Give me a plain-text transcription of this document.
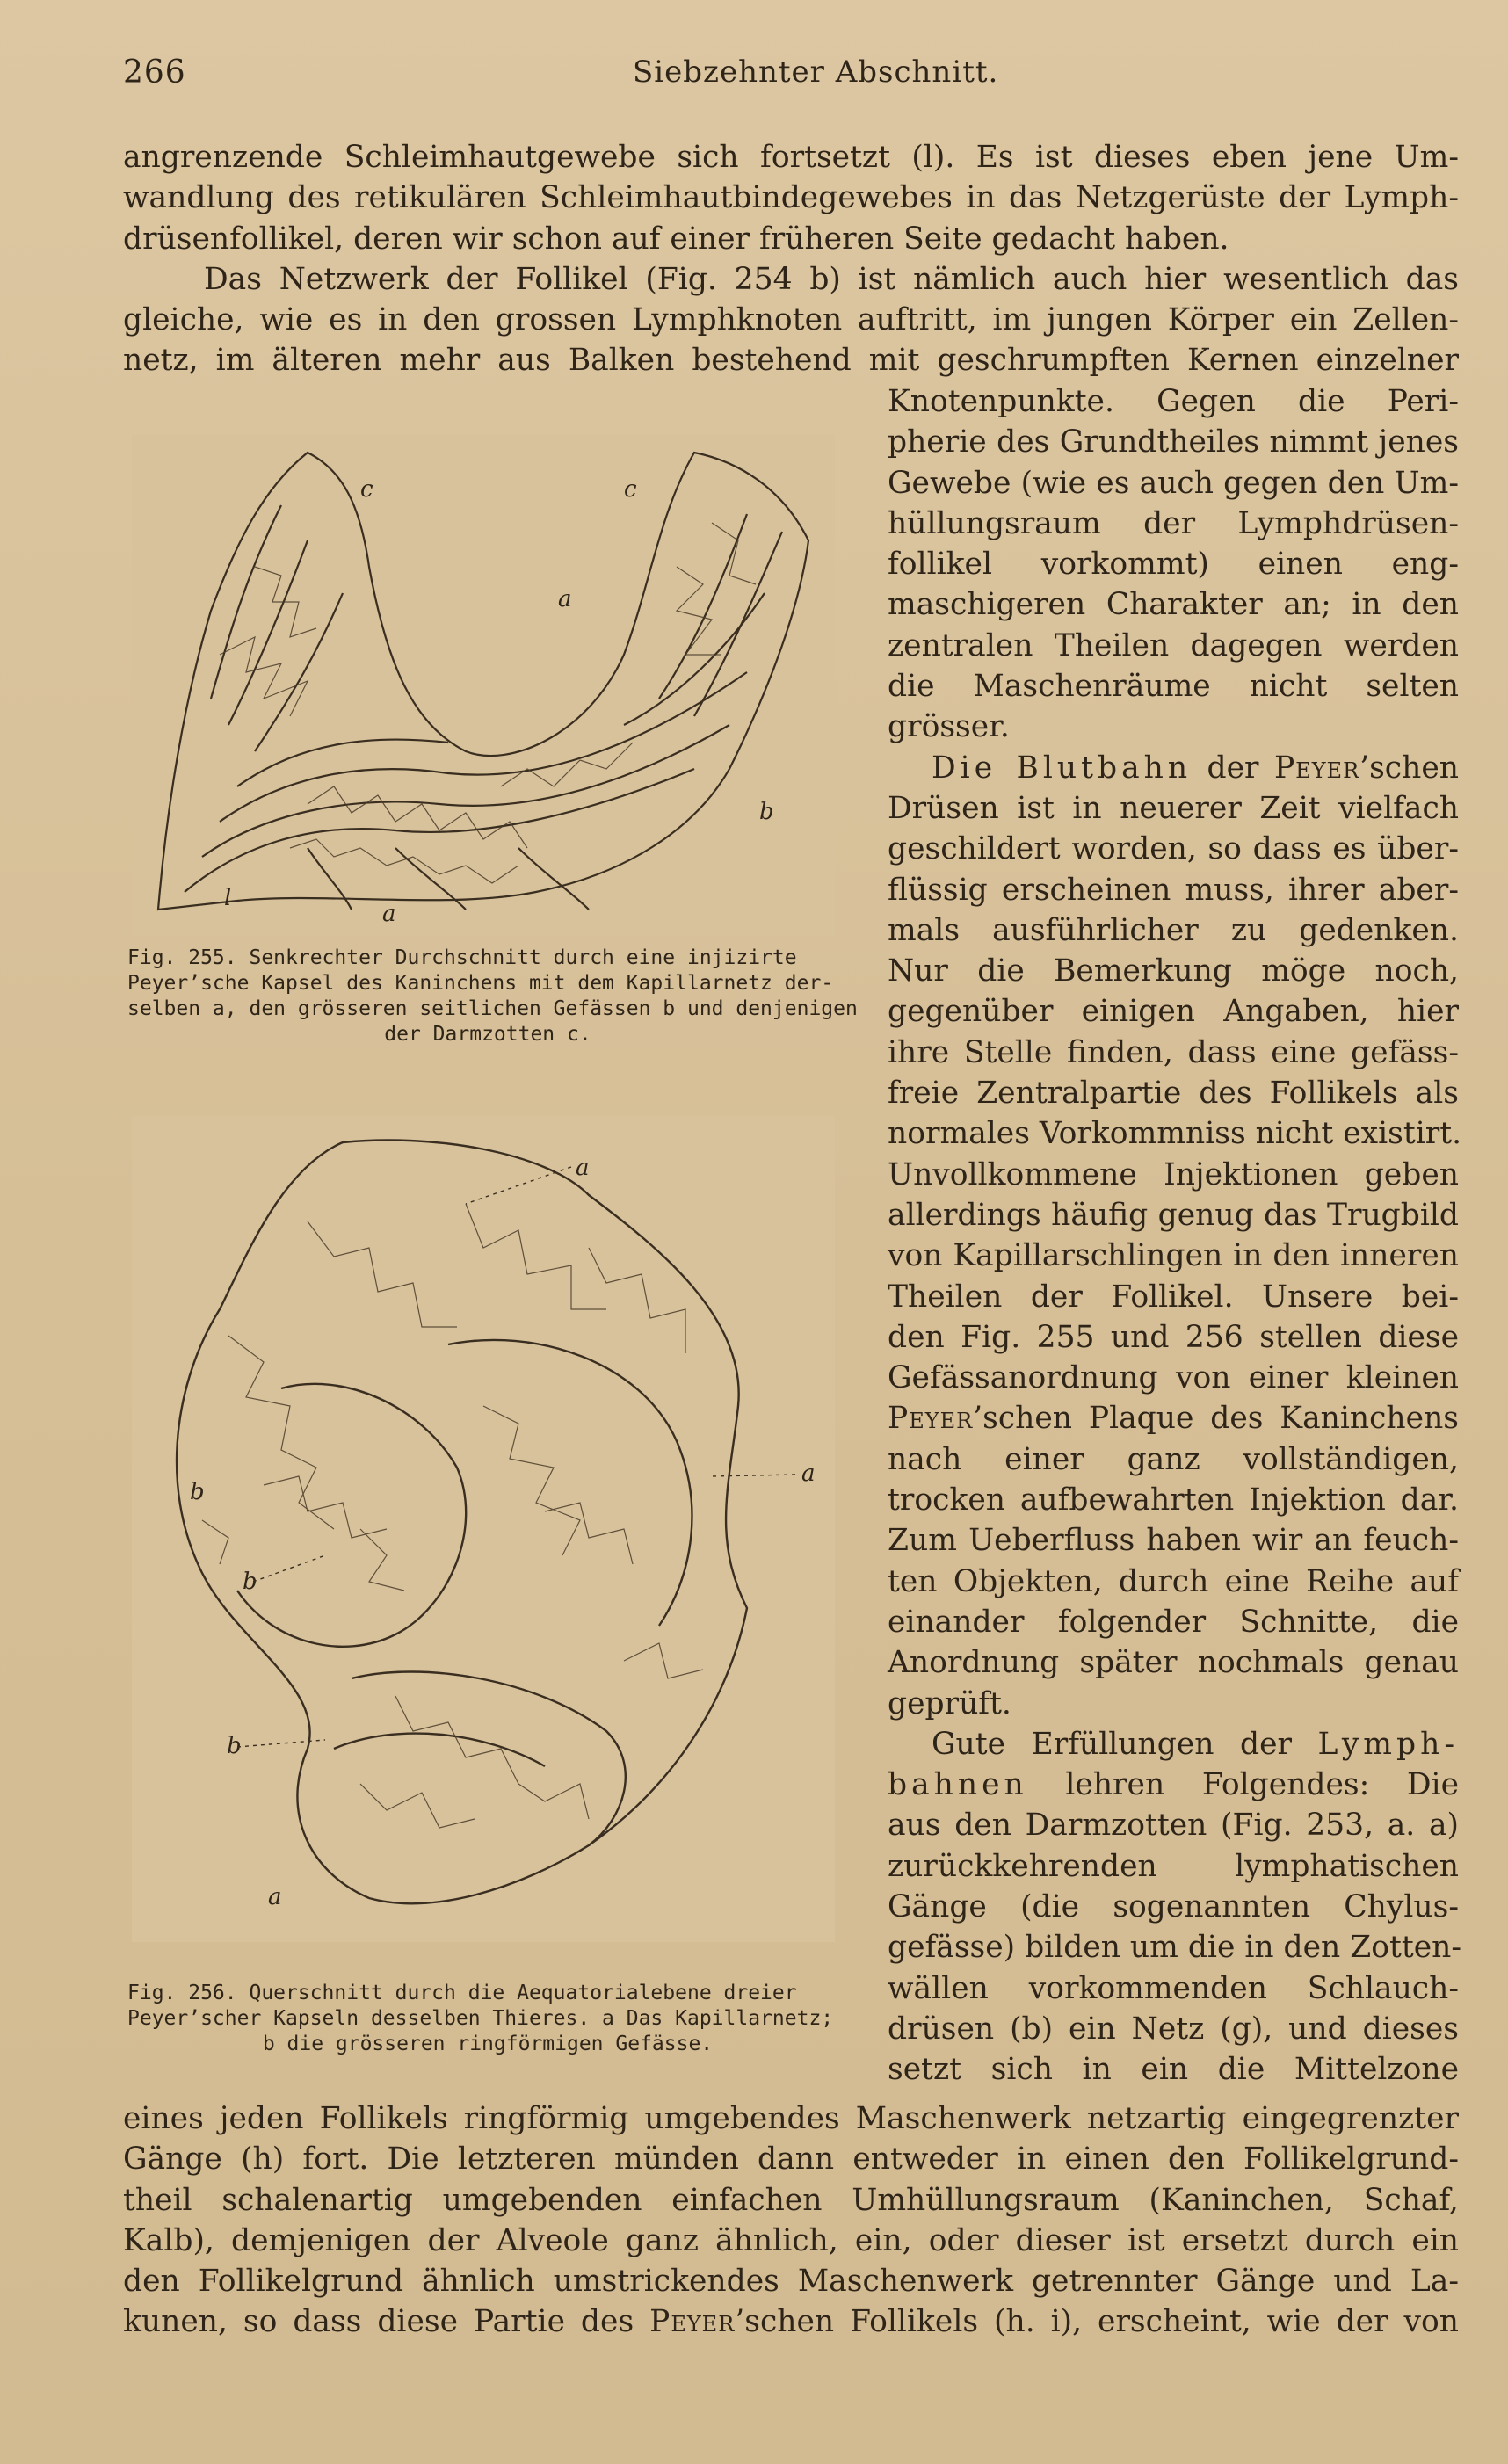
266	Siebzehnter Abschnitt.
angrenzende Schleimhautgewebe sich fortsetzt (l). Es ist dieses eben jene Um-
wandlung des retikulären Schleimhautbindegewebes in das Netzgerüste der Lymph-
drüsenfollikel, deren wir schon auf einer früheren Seite gedacht haben.
Das Netzwerk der Follikel (Fig. 254 b) ist nämlich auch hier wesentlich das
gleiche, wie es in den grossen Lymphknoten auftritt, im jungen Körper ein Zellen-
netz, im älteren mehr aus Balken bestehend mit geschrumpften Kernen einzelner
Knotenpunkte. Gegen die Peri-
pherie des Grundtheiles nimmt jenes
Gewebe (wie es auch gegen den Um-
hüllungsraum der Lymphdrüsen-
follikel vorkommt) einen eng-
maschigeren Charakter an; in den
zentralen Theilen dagegen werden
die Maschenräume nicht selten
grösser.
Die Blutbahn der Peyer’schen
Drüsen ist in neuerer Zeit vielfach
geschildert worden, so dass es über-
flüssig erscheinen muss, ihrer aber-
mals ausführlicher zu gedenken.
Nur die Bemerkung möge noch,
gegenüber einigen Angaben, hier
ihre Stelle finden, dass eine gefäss-
freie Zentralpartie des Follikels als
normales Vorkommniss nicht existirt.
Unvollkommene Injektionen geben
allerdings häufig genug das Trugbild
von Kapillarschlingen in den inneren
Theilen der Follikel. Unsere bei-
den Fig. 255 und 256 stellen diese
Gefässanordnung von einer kleinen
Peyer’schen Plaque des Kaninchens
nach einer ganz vollständigen,
trocken aufbewahrten Injektion dar.
Zum Ueberfluss haben wir an feuch-
ten Objekten, durch eine Reihe auf
einander folgender Schnitte, die
Anordnung später nochmals genau
geprüft.
Gute Erfüllungen der Lymph-
bahnen lehren Folgendes: Die
aus den Darmzotten (Fig. 253, a. a)
zurückkehrenden lymphatischen
Gänge (die sogenannten Chylus-
gefässe) bilden um die in den Zotten-
wällen vorkommenden Schlauch-
drüsen (b) ein Netz (g), und dieses
setzt sich in ein die Mittelzone
c	c
a
b
l
a
Fig. 255. Senkrechter Durchschnitt durch eine injizirte
Peyer’sche Kapsel des Kaninchens mit dem Kapillarnetz der-
selben a, den grösseren seitlichen Gefässen b und denjenigen
der Darmzotten c.
a
a
b
b
b
a
Fig. 256. Querschnitt durch die Aequatorialebene dreier
Peyer’scher Kapseln desselben Thieres. a Das Kapillarnetz;
b die grösseren ringförmigen Gefässe.
eines jeden Follikels ringförmig umgebendes Maschenwerk netzartig eingegrenzter
Gänge (h) fort. Die letzteren münden dann entweder in einen den Follikelgrund-
theil schalenartig umgebenden einfachen Umhüllungsraum (Kaninchen, Schaf,
Kalb), demjenigen der Alveole ganz ähnlich, ein, oder dieser ist ersetzt durch ein
den Follikelgrund ähnlich umstrickendes Maschenwerk getrennter Gänge und La-
kunen, so dass diese Partie des Peyer’schen Follikels (h. i), erscheint, wie der von
